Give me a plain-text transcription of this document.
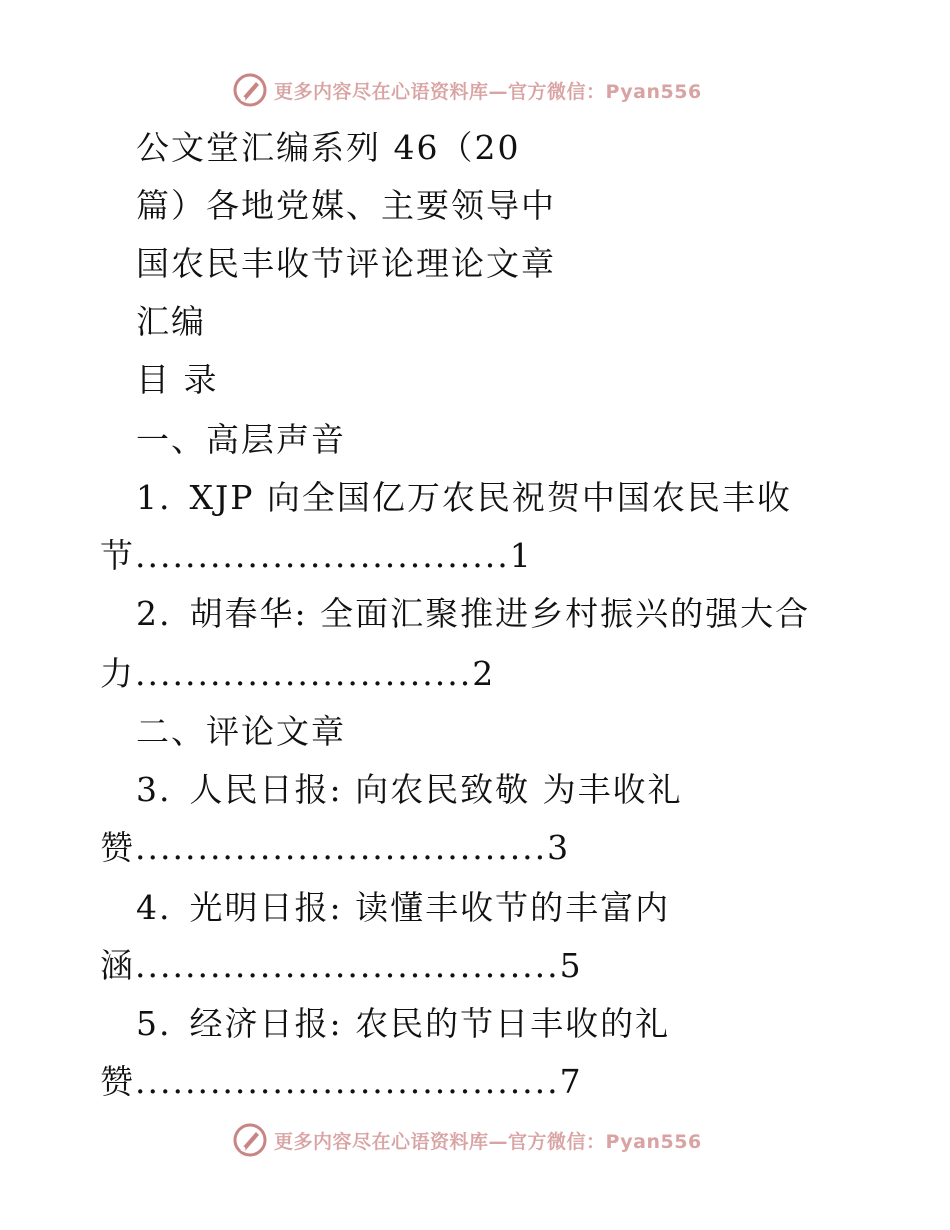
更多内容尽在心语资料库—官方微信：Pyan556
公文堂汇编系列 46（20
篇）各地党媒、主要领导中
国农民丰收节评论理论文章
汇编
目 录
一、高层声音
1. XJP 向全国亿万农民祝贺中国农民丰收
节..............................1
2. 胡春华: 全面汇聚推进乡村振兴的强大合
力...........................2
二、评论文章
3. 人民日报: 向农民致敬 为丰收礼
赞.................................3
4. 光明日报: 读懂丰收节的丰富内
涵..................................5
5. 经济日报: 农民的节日丰收的礼
赞..................................7
更多内容尽在心语资料库—官方微信：Pyan556
